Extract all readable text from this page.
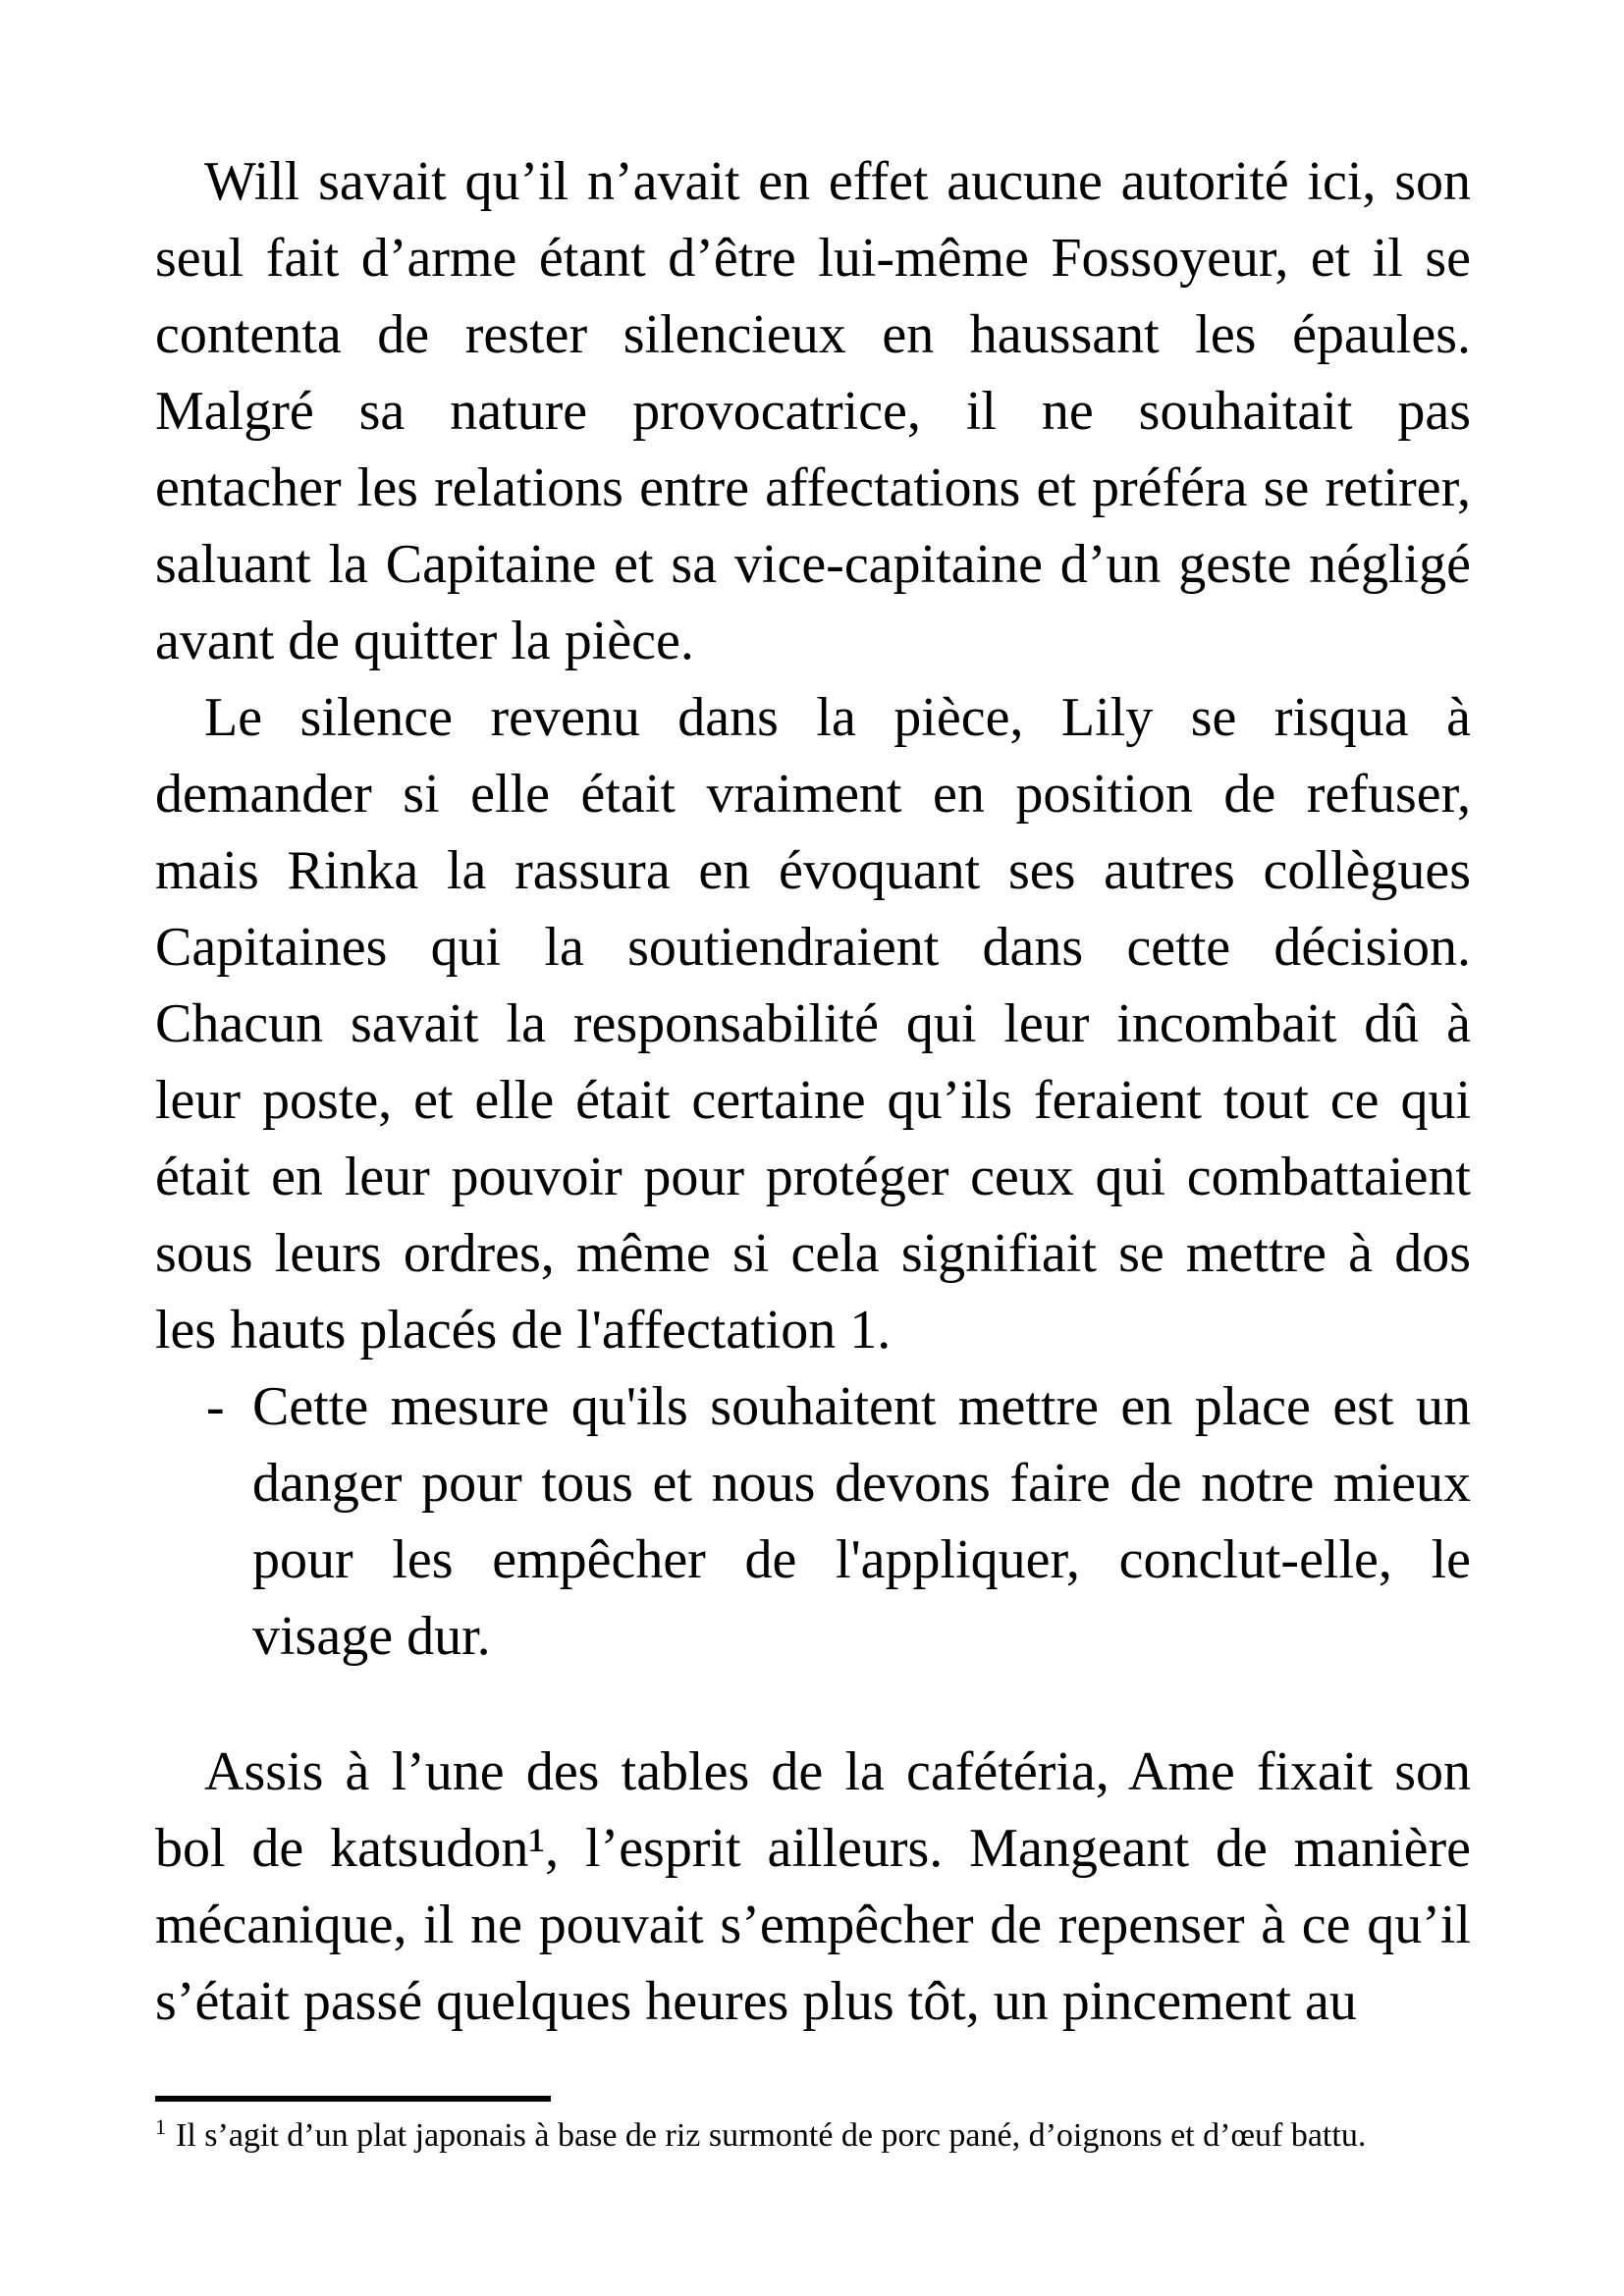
Will savait qu’il n’avait en effet aucune autorité ici, son
seul fait d’arme étant d’être lui-même Fossoyeur, et il se
contenta de rester silencieux en haussant les épaules.
Malgré sa nature provocatrice, il ne souhaitait pas
entacher les relations entre affectations et préféra se retirer,
saluant la Capitaine et sa vice-capitaine d’un geste négligé
avant de quitter la pièce.
Le silence revenu dans la pièce, Lily se risqua à
demander si elle était vraiment en position de refuser,
mais Rinka la rassura en évoquant ses autres collègues
Capitaines qui la soutiendraient dans cette décision.
Chacun savait la responsabilité qui leur incombait dû à
leur poste, et elle était certaine qu’ils feraient tout ce qui
était en leur pouvoir pour protéger ceux qui combattaient
sous leurs ordres, même si cela signifiait se mettre à dos
les hauts placés de l'affectation 1.
- Cette mesure qu'ils souhaitent mettre en place est un
danger pour tous et nous devons faire de notre mieux
pour les empêcher de l'appliquer, conclut-elle, le
visage dur.
Assis à l’une des tables de la cafétéria, Ame fixait son
bol de katsudon¹, l’esprit ailleurs. Mangeant de manière
mécanique, il ne pouvait s’empêcher de repenser à ce qu’il
s’était passé quelques heures plus tôt, un pincement au
$^1$ Il s’agit d’un plat japonais à base de riz surmonté de porc pané, d’oignons et d’œuf battu.
